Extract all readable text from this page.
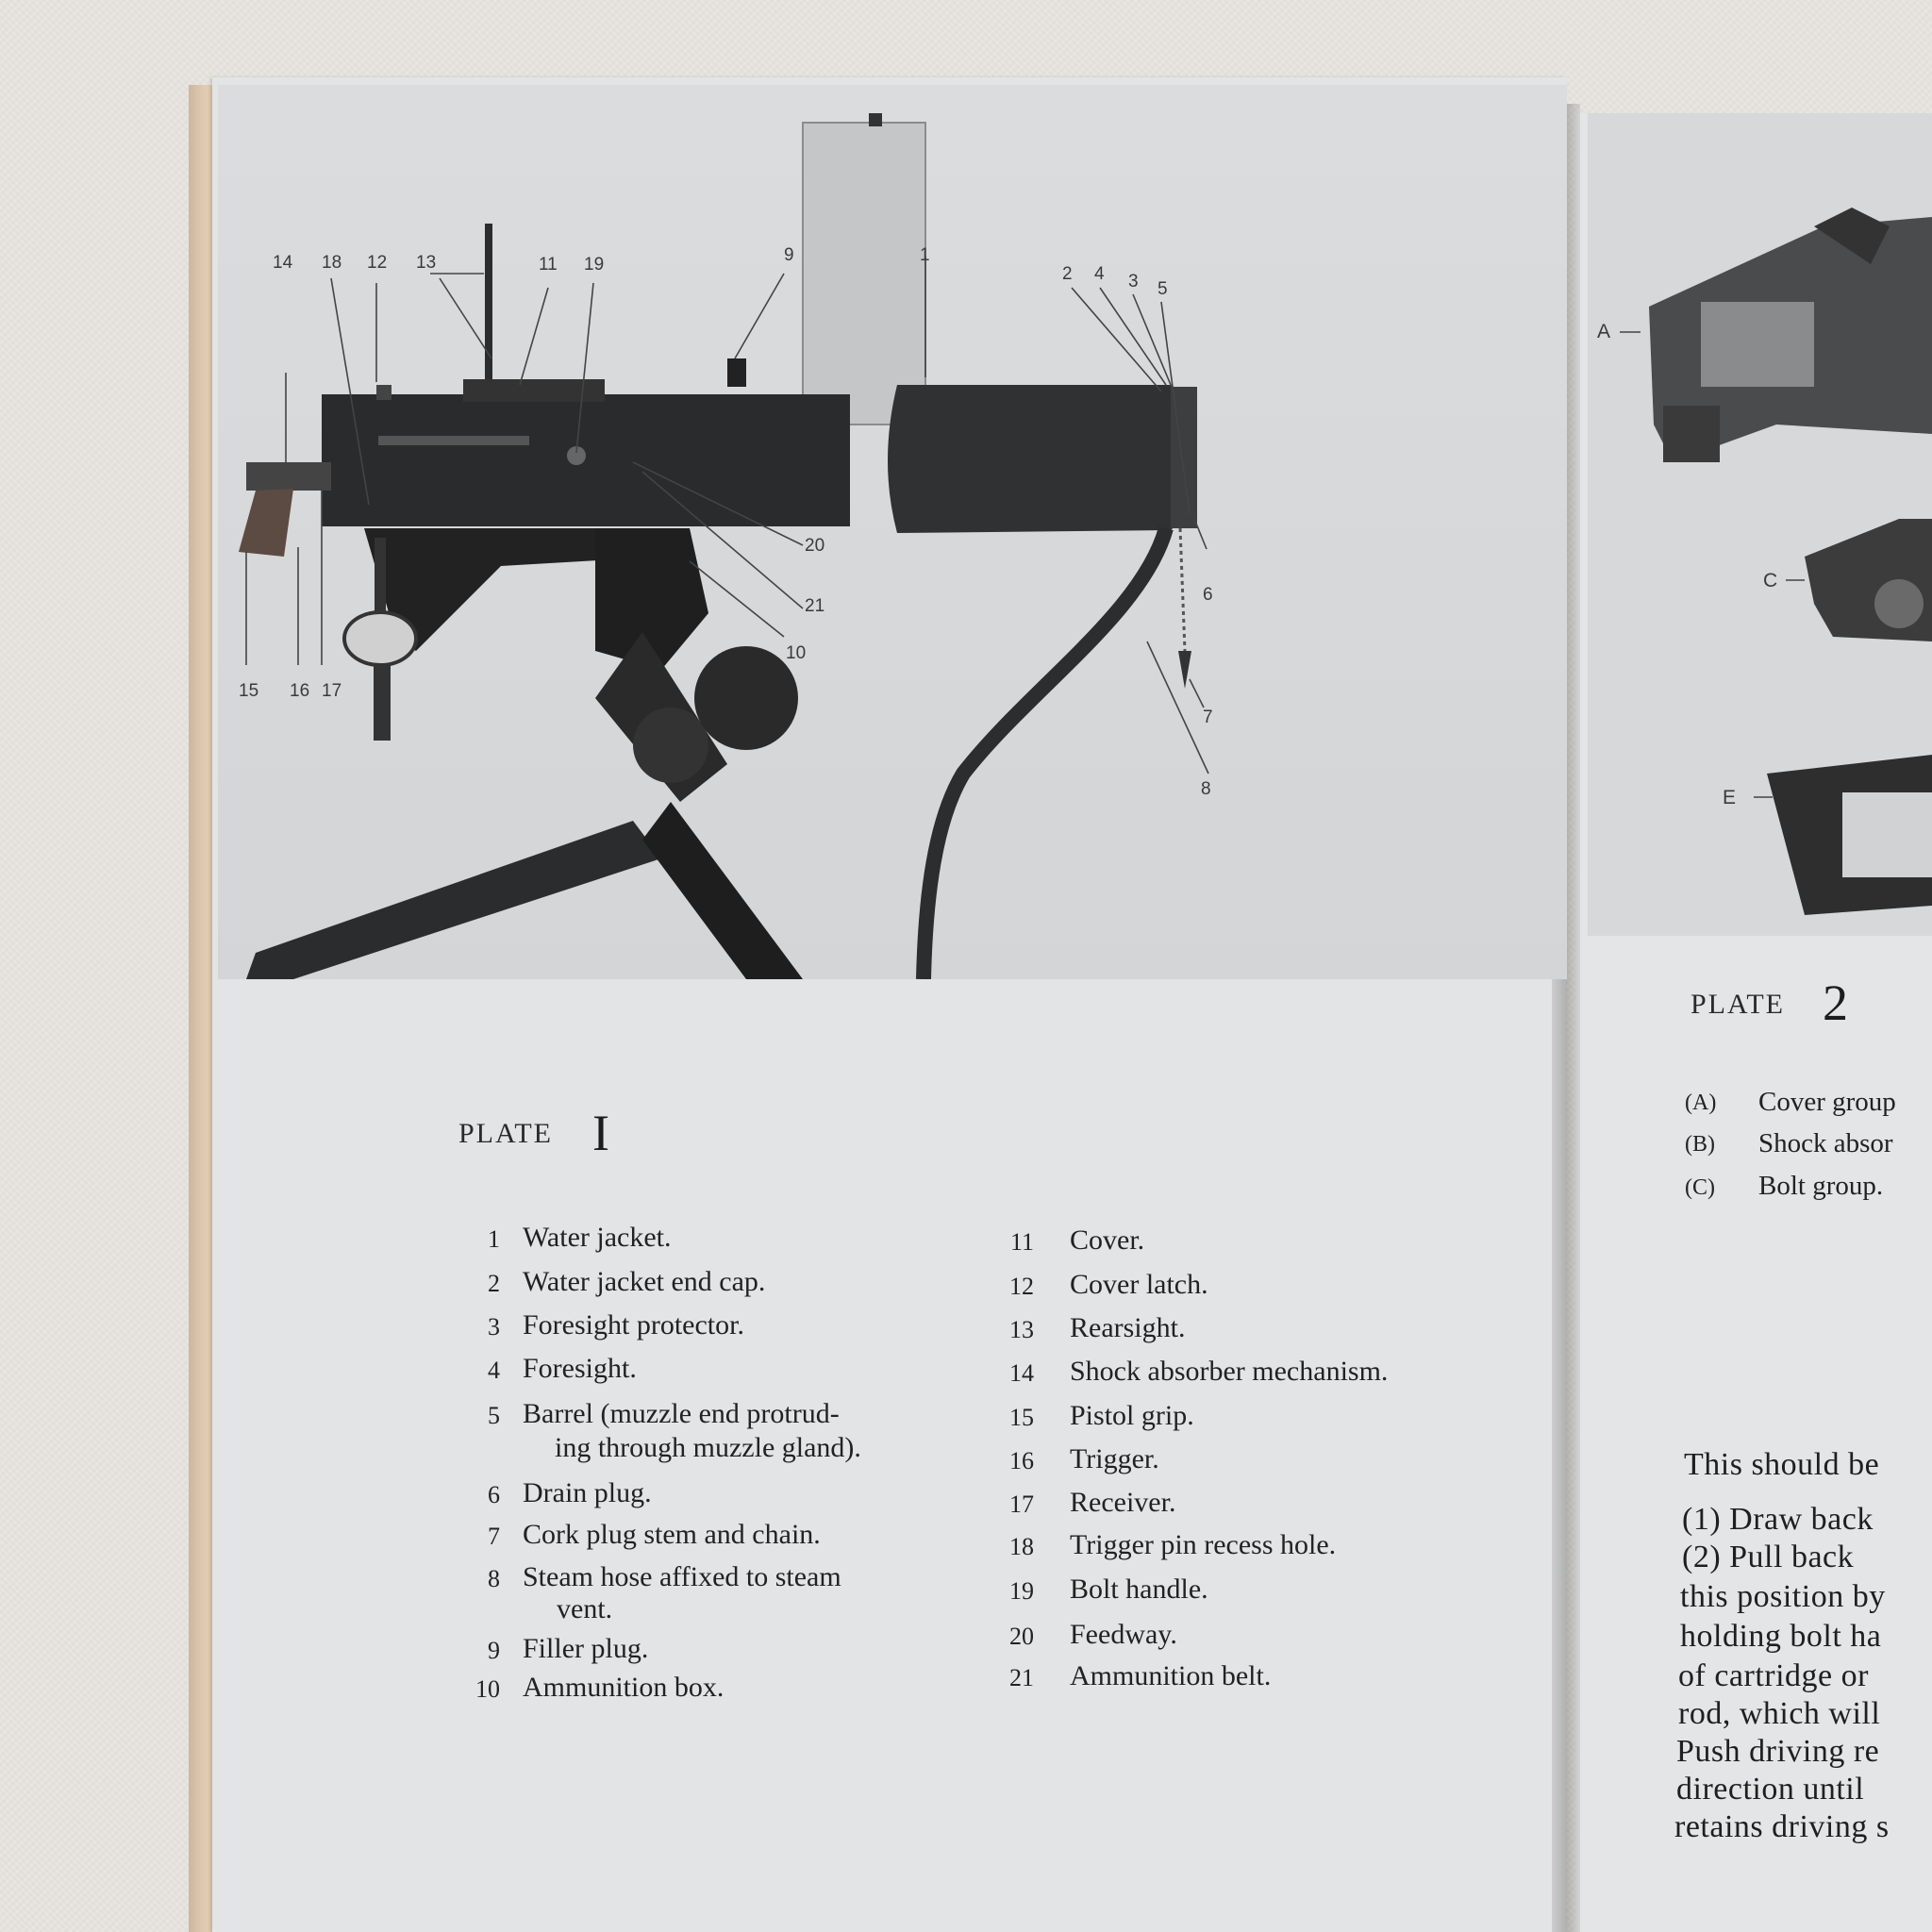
14 18 12 13	11 19	9	1
2 4 3 5
20
21
10
6
7
8
15 16 17
PLATE I
1 Water jacket.
2 Water jacket end cap.
3 Foresight protector.
4 Foresight.
5 Barrel (muzzle end protrud-
ing through muzzle gland).
6 Drain plug.
7 Cork plug stem and chain.
8 Steam hose affixed to steam
vent.
9 Filler plug.
10 Ammunition box.
11 Cover.
12 Cover latch.
13 Rearsight.
14 Shock absorber mechanism.
15 Pistol grip.
16 Trigger.
17 Receiver.
18 Trigger pin recess hole.
19 Bolt handle.
20 Feedway.
21 Ammunition belt.
A
C
E
PLATE 2
(A) Cover group
(B) Shock absor
(C) Bolt group.
This should be
(1) Draw back
(2) Pull back
this position by
holding bolt ha
of cartridge or
rod, which will
Push driving re
direction until
retains driving s
